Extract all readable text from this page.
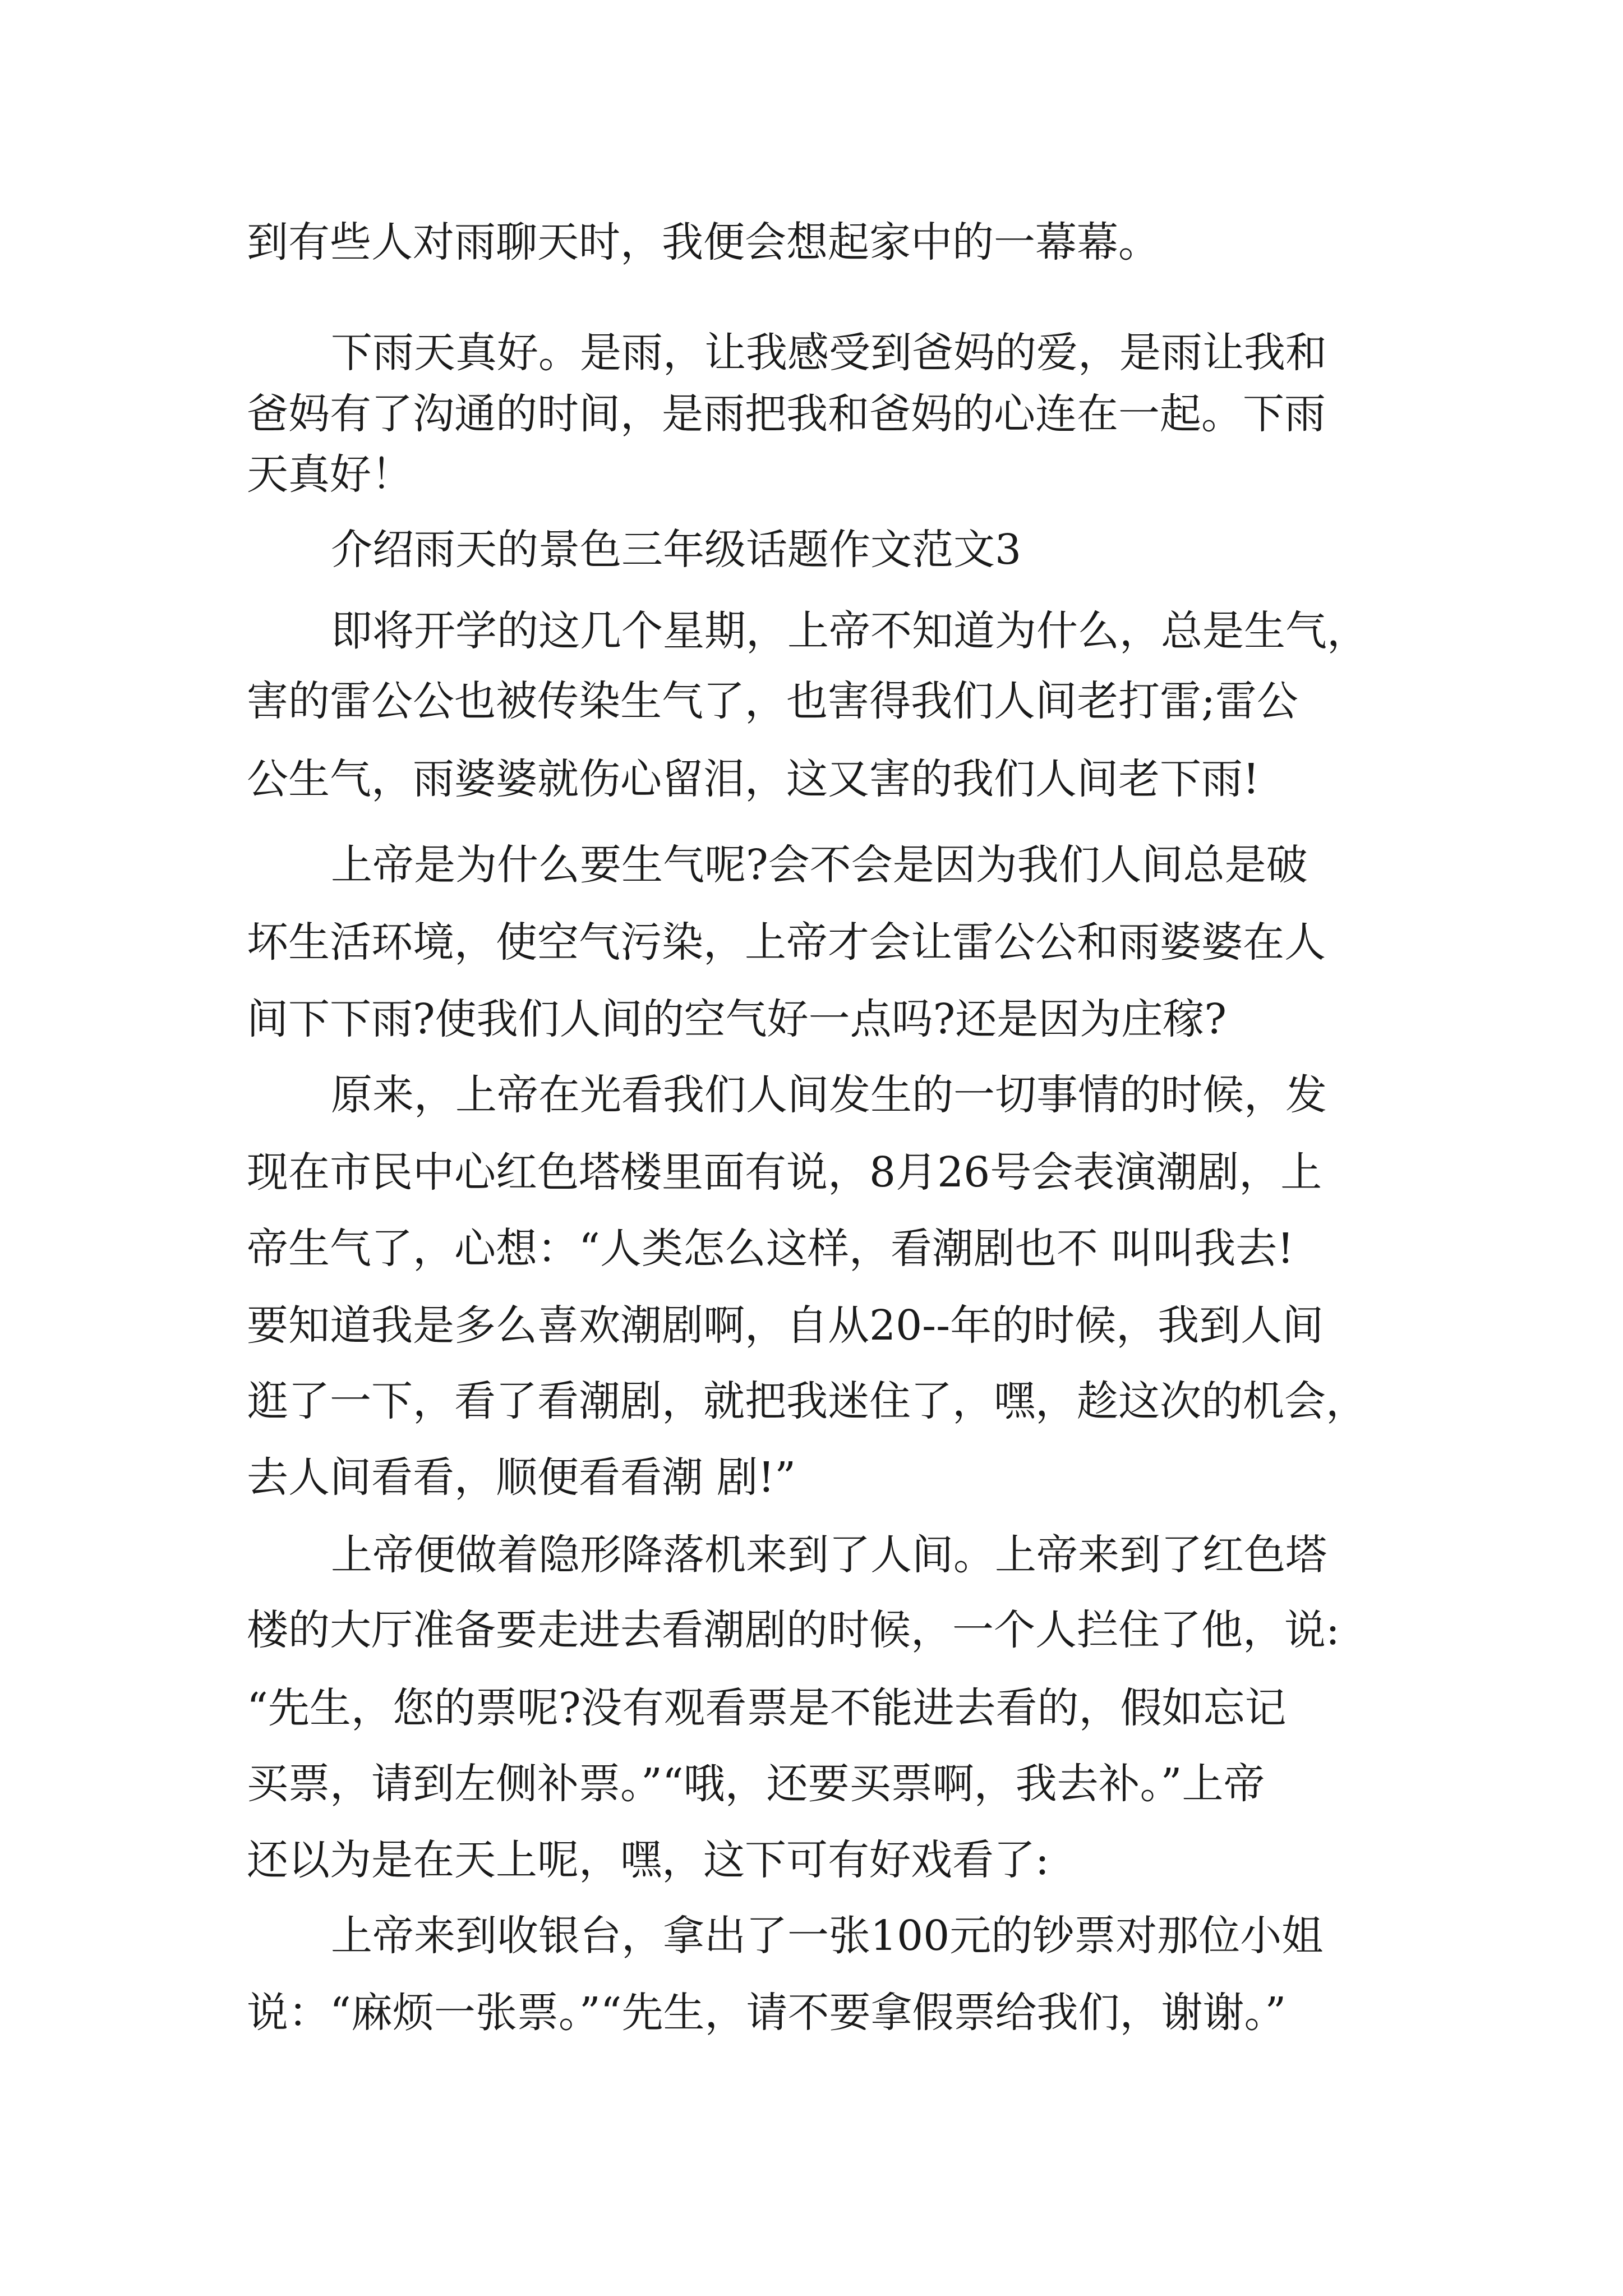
到有些人对雨聊天时，我便会想起家中的一幕幕。

下雨天真好。是雨，让我感受到爸妈的爱，是雨让我和

爸妈有了沟通的时间，是雨把我和爸妈的心连在一起。下雨

天真好！

介绍雨天的景色三年级话题作文范文3

即将开学的这几个星期，上帝不知道为什么，总是生气，

害的雷公公也被传染生气了，也害得我们人间老打雷;雷公

公生气，雨婆婆就伤心留泪，这又害的我们人间老下雨!

上帝是为什么要生气呢?会不会是因为我们人间总是破

坏生活环境，使空气污染，上帝才会让雷公公和雨婆婆在人

间下下雨?使我们人间的空气好一点吗?还是因为庄稼?

原来，上帝在光看我们人间发生的一切事情的时候，发

现在市民中心红色塔楼里面有说，8月26号会表演潮剧，上

帝生气了，心想：“人类怎么这样，看潮剧也不 叫叫我去!

要知道我是多么喜欢潮剧啊，自从20--年的时候，我到人间

逛了一下，看了看潮剧，就把我迷住了，嘿，趁这次的机会，

去人间看看，顺便看看潮 剧!”

上帝便做着隐形降落机来到了人间。上帝来到了红色塔

楼的大厅准备要走进去看潮剧的时候，一个人拦住了他，说:

“先生，您的票呢?没有观看票是不能进去看的，假如忘记

买票，请到左侧补票。”“哦，还要买票啊，我去补。”上帝

还以为是在天上呢，嘿，这下可有好戏看了:

上帝来到收银台，拿出了一张100元的钞票对那位小姐

说：“麻烦一张票。”“先生，请不要拿假票给我们，谢谢。”
